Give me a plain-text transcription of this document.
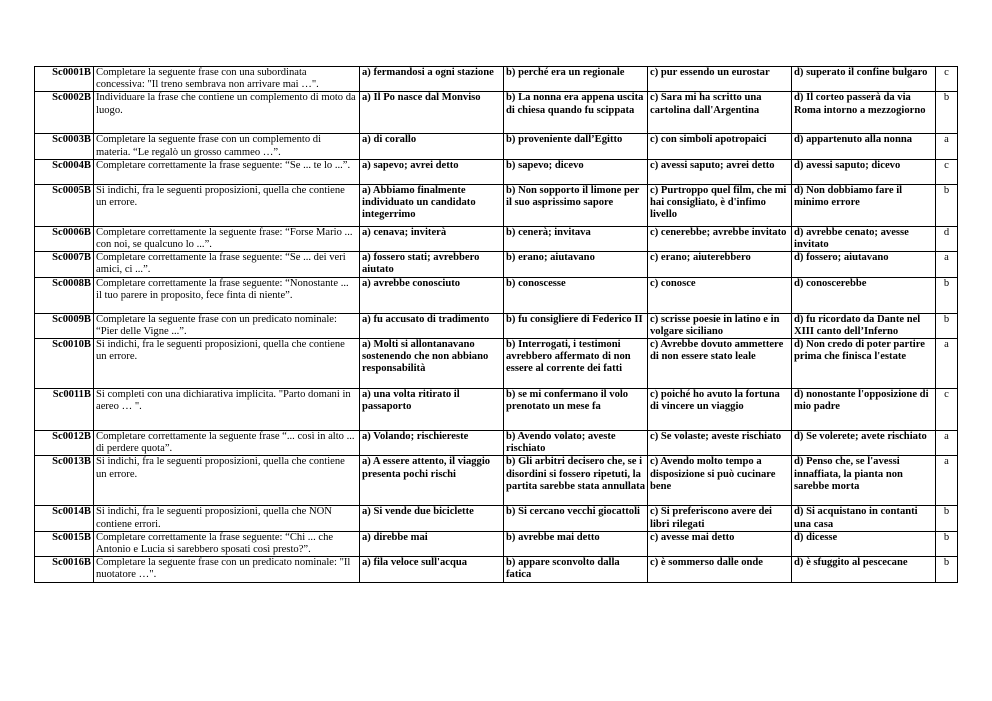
Sc0001B	Completare la seguente frase con una subordinata concessiva: "Il treno sembrava non arrivare mai …".	a) fermandosi a ogni stazione	b) perché era un regionale	c) pur essendo un eurostar	d) superato il confine bulgaro	c
Sc0002B	Individuare la frase che contiene un complemento di moto da luogo.	a) Il Po nasce dal Monviso	b) La nonna era appena uscita di chiesa quando fu scippata	c) Sara mi ha scritto una cartolina dall'Argentina	d) Il corteo passerà da via Roma intorno a mezzogiorno	b
Sc0003B	Completare la seguente frase con un complemento di materia. “Le regalò un grosso cammeo …”.	a) di corallo	b) proveniente dall’Egitto	c) con simboli apotropaici	d) appartenuto alla nonna	a
Sc0004B	Completare correttamente la frase seguente: “Se ... te lo ...”.	a) sapevo; avrei detto	b) sapevo; dicevo	c) avessi saputo; avrei detto	d) avessi saputo; dicevo	c
Sc0005B	Si indichi, fra le seguenti proposizioni, quella che contiene un errore.	a) Abbiamo finalmente individuato un candidato integerrimo	b) Non sopporto il limone per il suo asprissimo sapore	c) Purtroppo quel film, che mi hai consigliato, è d'infimo livello	d) Non dobbiamo fare il minimo errore	b
Sc0006B	Completare correttamente la seguente frase: “Forse Mario ... con noi, se qualcuno lo ...”.	a) cenava; inviterà	b) cenerà; invitava	c) cenerebbe; avrebbe invitato	d) avrebbe cenato; avesse invitato	d
Sc0007B	Completare correttamente la frase seguente: “Se ... dei veri amici, ci ...”.	a) fossero stati; avrebbero aiutato	b) erano; aiutavano	c) erano; aiuterebbero	d) fossero; aiutavano	a
Sc0008B	Completare correttamente la frase seguente: “Nonostante ... il tuo parere in proposito, fece finta di niente”.	a) avrebbe conosciuto	b) conoscesse	c) conosce	d) conoscerebbe	b
Sc0009B	Completare la seguente frase con un predicato nominale: “Pier delle Vigne ...”.	a) fu accusato di tradimento	b) fu consigliere di Federico II	c) scrisse poesie in latino e in volgare siciliano	d) fu ricordato da Dante nel XIII canto dell’Inferno	b
Sc0010B	Si indichi, fra le seguenti proposizioni, quella che contiene un errore.	a) Molti si allontanavano sostenendo che non abbiano responsabilità	b) Interrogati, i testimoni avrebbero affermato di non essere al corrente dei fatti	c) Avrebbe dovuto ammettere di non essere stato leale	d) Non credo di poter partire prima che finisca l'estate	a
Sc0011B	Si completi con una dichiarativa implicita. "Parto domani in aereo … ".	a) una volta ritirato il passaporto	b) se mi confermano il volo prenotato un mese fa	c) poiché ho avuto la fortuna di vincere un viaggio	d) nonostante l'opposizione di mio padre	c
Sc0012B	Completare correttamente la seguente frase “... così in alto ... di perdere quota”.	a) Volando; rischiereste	b) Avendo volato; aveste rischiato	c) Se volaste; aveste rischiato	d) Se volerete; avete rischiato	a
Sc0013B	Si indichi, fra le seguenti proposizioni, quella che contiene un errore.	a) A essere attento, il viaggio presenta pochi rischi	b) Gli arbitri decisero che, se i disordini si fossero ripetuti, la partita sarebbe stata annullata	c) Avendo molto tempo a disposizione si può cucinare bene	d) Penso che, se l'avessi innaffiata, la pianta non sarebbe morta	a
Sc0014B	Si indichi, fra le seguenti proposizioni, quella che NON contiene errori.	a) Si vende due biciclette	b) Si cercano vecchi giocattoli	c) Si preferiscono avere dei libri rilegati	d) Si acquistano in contanti una casa	b
Sc0015B	Completare correttamente la frase seguente: “Chi ... che Antonio e Lucia si sarebbero sposati così presto?”.	a) direbbe mai	b) avrebbe mai detto	c) avesse mai detto	d) dicesse	b
Sc0016B	Completare la seguente frase con un predicato nominale: "Il nuotatore …".	a) fila veloce sull'acqua	b) appare sconvolto dalla fatica	c) è sommerso dalle onde	d) è sfuggito al pescecane	b
